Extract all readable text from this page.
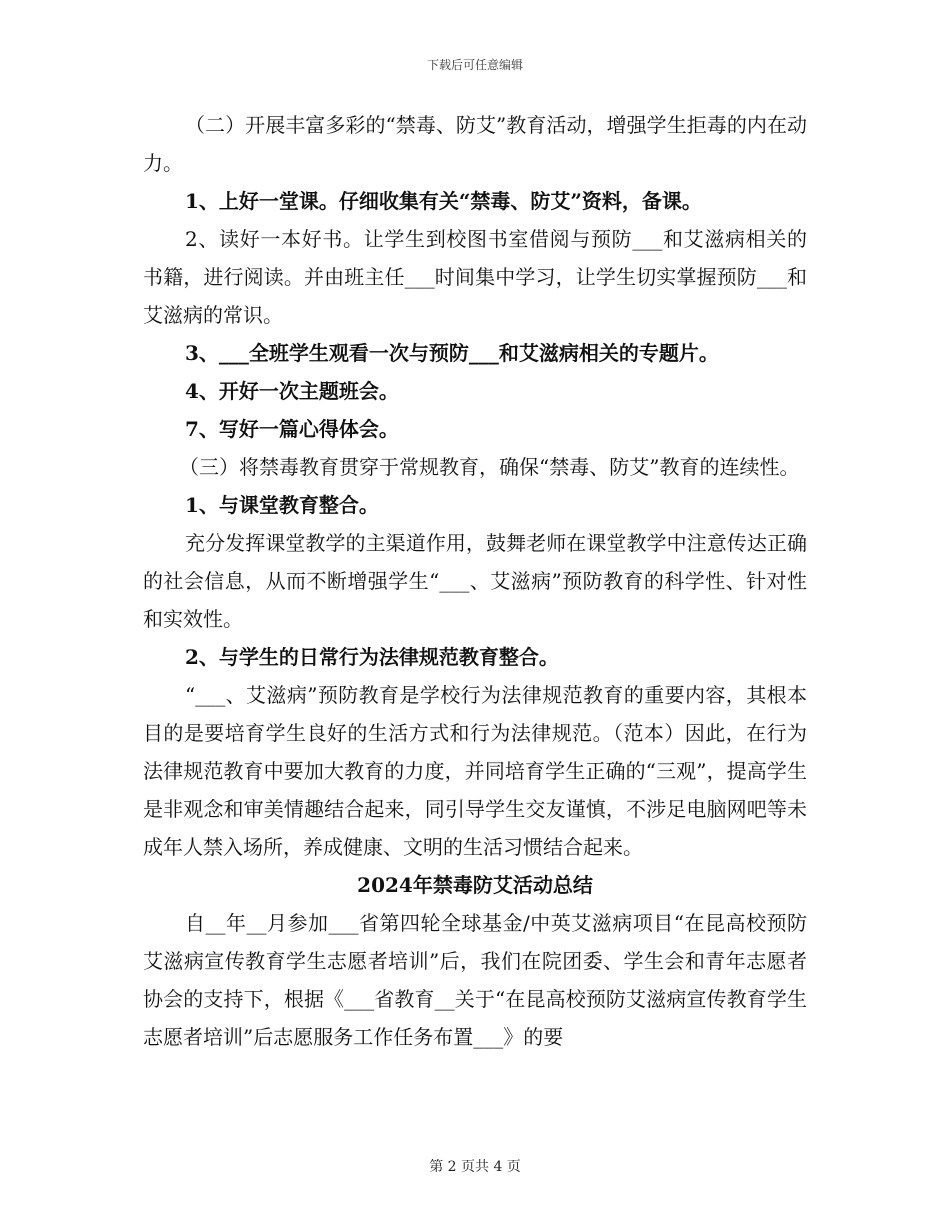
下载后可任意编辑

（二）开展丰富多彩的“禁毒、防艾”教育活动，增强学生拒毒的内在动力。

1、上好一堂课。仔细收集有关“禁毒、防艾”资料，备课。

2、读好一本好书。让学生到校图书室借阅与预防___和艾滋病相关的书籍，进行阅读。并由班主任___时间集中学习，让学生切实掌握预防___和艾滋病的常识。

3、___全班学生观看一次与预防___和艾滋病相关的专题片。

4、开好一次主题班会。

7、写好一篇心得体会。

（三）将禁毒教育贯穿于常规教育，确保“禁毒、防艾”教育的连续性。

1、与课堂教育整合。

充分发挥课堂教学的主渠道作用，鼓舞老师在课堂教学中注意传达正确的社会信息，从而不断增强学生“___、艾滋病”预防教育的科学性、针对性和实效性。

2、与学生的日常行为法律规范教育整合。

“___、艾滋病”预防教育是学校行为法律规范教育的重要内容，其根本目的是要培育学生良好的生活方式和行为法律规范。（范本）因此，在行为法律规范教育中要加大教育的力度，并同培育学生正确的“三观”，提高学生是非观念和审美情趣结合起来，同引导学生交友谨慎，不涉足电脑网吧等未成年人禁入场所，养成健康、文明的生活习惯结合起来。

2024年禁毒防艾活动总结

自__年__月参加___省第四轮全球基金/中英艾滋病项目“在昆高校预防艾滋病宣传教育学生志愿者培训”后，我们在院团委、学生会和青年志愿者协会的支持下，根据《___省教育__关于“在昆高校预防艾滋病宣传教育学生志愿者培训”后志愿服务工作任务布置___》的要

第 2 页共 4 页
